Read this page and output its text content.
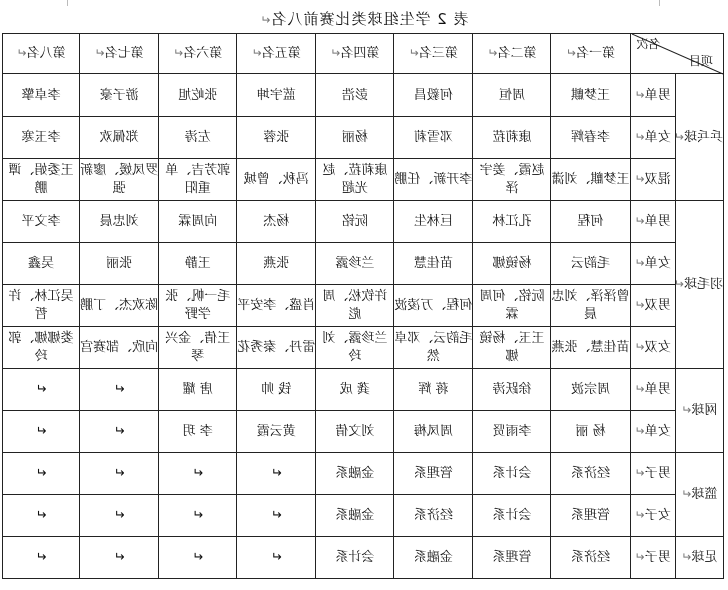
表 2 学生组球类比赛前八名↵
名次
项目		第一名↵	第二名↵	第三名↵	第四名↵	第五名↵	第六名↵	第七名↵	第八名↵
乒乓球↵	男单↵	王梦麒	周恒	何毅昌	彭浩	蓝宇坤	张屹旭	游子豪	李卓擎
	女单↵	李春辉	康莉菈	邓雪莉	杨丽	张蓉	左涛	郑佩欢	李玉寒
	混双↵	王梦麒、刘潇	赵霞、姜宇泽	李开新、任鹏	康莉菈、赵光超	冯秋、曾城	郭芳吉、单重阳	罗凤媛、廖新强	王委娟、谭鹏
羽毛球↵	男单↵	何程	孔江林	巨林生	阮铭	杨杰	向周霖	刘忠晨	李文平
	女单↵	毛韵云	杨镜娜	苗佳慧	兰珍露	张燕	王静	张丽	吴鑫
	男双↵	曾泽泽、刘忠晨	阮铭、何周霖	何程、万凌波	许钦松、周彪	肖盛、李安平	毛一帆、张学野	陈欢杰、丁鹏	吴江林、许哲
	女双↵	苗佳慧、张燕	王玉、杨镜娜	毛韵云、邓卓然	兰珍露、刘玲	雷丹、秦秀花	王倩、金兴琴	向欣、郜赛宫	娄娜娜、郭玲
网球↵	男单↵	周宗波	徐跃涛	蒋 辉	龚 成	钱 帅	唐 耀	↵	↵
	女单↵	杨 丽	李雨贤	周凤梅	刘文倩	黄云霞	李 玥	↵	↵
篮球↵	男子↵	经济系	会计系	管理系	金融系	↵	↵	↵	↵
	女子↵	管理系	会计系	经济系	金融系	↵	↵	↵	↵
足球↵	男子↵	经济系	管理系	金融系	会计系	↵	↵	↵	↵
